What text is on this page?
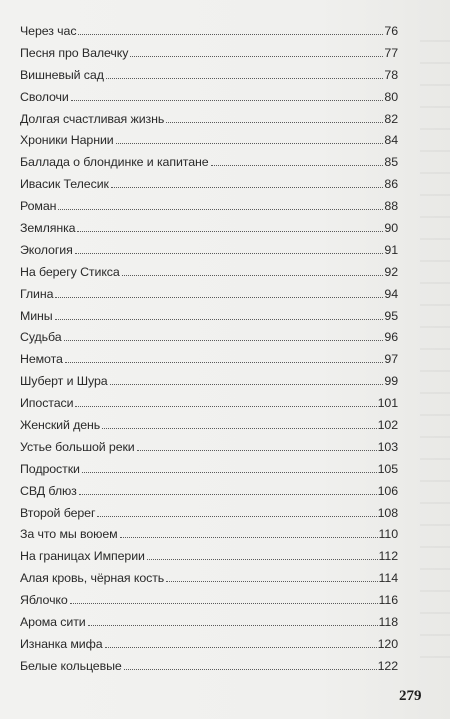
Через час	76
Песня про Валечку	77
Вишневый сад	78
Сволочи	80
Долгая счастливая жизнь	82
Хроники Нарнии	84
Баллада о блондинке и капитане	85
Ивасик Телесик	86
Роман	88
Землянка	90
Экология	91
На берегу Стикса	92
Глина	94
Мины	95
Судьба	96
Немота	97
Шуберт и Шура	99
Ипостаси	101
Женский день	102
Устье большой реки	103
Подростки	105
СВД блюз	106
Второй берег	108
За что мы воюем	110
На границах Империи	112
Алая кровь, чёрная кость	114
Яблочко	116
Арома сити	118
Изнанка мифа	120
Белые кольцевые	122
279
